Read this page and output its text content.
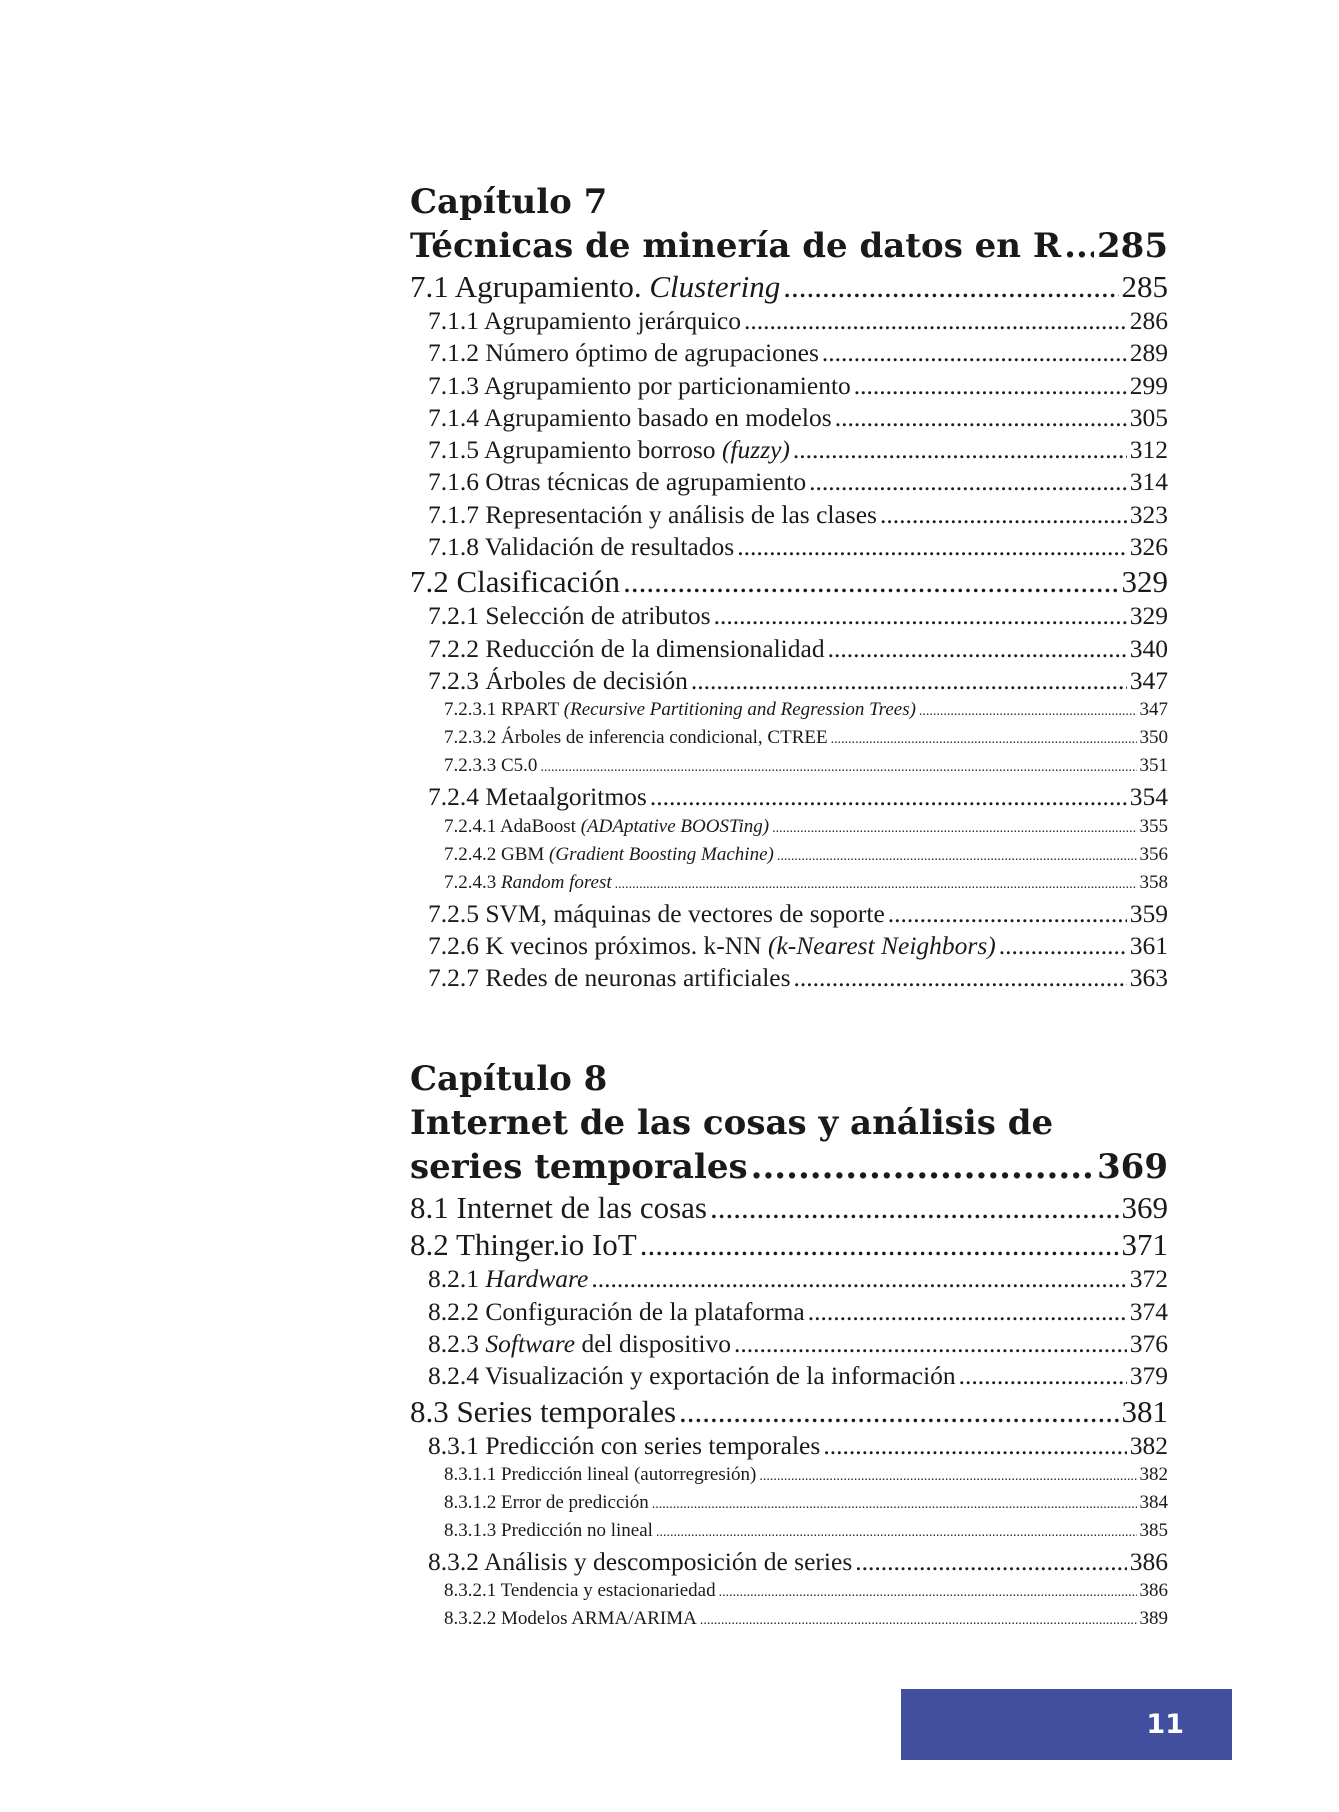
Capítulo 7
Técnicas de minería de datos en R ..... 285
7.1 Agrupamiento. Clustering .....	285
7.1.1 Agrupamiento jerárquico .....	286
7.1.2 Número óptimo de agrupaciones .....	289
7.1.3 Agrupamiento por particionamiento .....	299
7.1.4 Agrupamiento basado en modelos .....	305
7.1.5 Agrupamiento borroso (fuzzy) .....	312
7.1.6 Otras técnicas de agrupamiento .....	314
7.1.7 Representación y análisis de las clases .....	323
7.1.8 Validación de resultados .....	326
7.2 Clasificación .....	329
7.2.1 Selección de atributos .....	329
7.2.2 Reducción de la dimensionalidad .....	340
7.2.3 Árboles de decisión .....	347
7.2.3.1 RPART (Recursive Partitioning and Regression Trees) .....	347
7.2.3.2 Árboles de inferencia condicional, CTREE .....	350
7.2.3.3 C5.0 .....	351
7.2.4 Metaalgoritmos .....	354
7.2.4.1 AdaBoost (ADAptative BOOSTing) .....	355
7.2.4.2 GBM (Gradient Boosting Machine) .....	356
7.2.4.3 Random forest .....	358
7.2.5 SVM, máquinas de vectores de soporte .....	359
7.2.6 K vecinos próximos. k-NN (k-Nearest Neighbors) .....	361
7.2.7 Redes de neuronas artificiales .....	363
Capítulo 8
Internet de las cosas y análisis de
series temporales .....	369
8.1 Internet de las cosas .....	369
8.2 Thinger.io IoT .....	371
8.2.1 Hardware .....	372
8.2.2 Configuración de la plataforma .....	374
8.2.3 Software del dispositivo .....	376
8.2.4 Visualización y exportación de la información .....	379
8.3 Series temporales .....	381
8.3.1 Predicción con series temporales .....	382
8.3.1.1 Predicción lineal (autorregresión) .....	382
8.3.1.2 Error de predicción .....	384
8.3.1.3 Predicción no lineal .....	385
8.3.2 Análisis y descomposición de series .....	386
8.3.2.1 Tendencia y estacionariedad .....	386
8.3.2.2 Modelos ARMA/ARIMA .....	389
11
